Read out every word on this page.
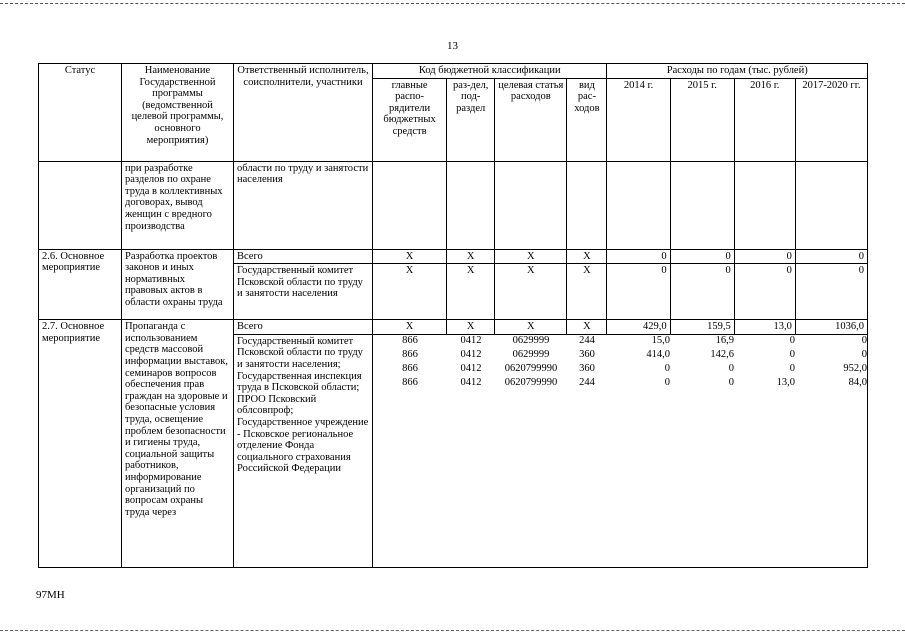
13
Статус	Наименование Государственной программы (ведомственной целевой программы, основного мероприятия)	Ответственный исполнитель, соисполнители, участники	Код бюджетной классификации	Расходы по годам (тыс. рублей)
главные распо-рядители бюджетных средств	раз-дел, под-раздел	целевая статья расходов	вид рас-ходов	2014 г.	2015 г.	2016 г.	2017-2020 гг.
	при разработке разделов по охране труда в коллективных договорах, вывод женщин с вредного производства	области по труду и занятости населения								
2.6. Основное мероприятие	Разработка проектов законов и иных нормативных правовых актов в области охраны труда	Всего	X	X	X	X	0	0	0	0
Государственный комитет Псковской области по труду и занятости населения	X	X	X	X	0	0	0	0
2.7. Основное мероприятие	Пропаганда с использованием средств массовой информации выставок, семинаров вопросов обеспечения прав граждан на здоровые и безопасные условия труда, освещение проблем безопасности и гигиены труда, социальной защиты работников, информирование организаций по вопросам охраны труда через	Всего	X	X	X	X	429,0	159,5	13,0	1036,0
Государственный комитет Псковской области по труду и занятости населения; Государственная инспекция труда в Псковской области; ПРОО Псковский облсовпроф; Государственное учреждение - Псковское региональное отделение Фонда социального страхования Российской Федерации	
866	0412	0629999	244	15,0	16,9	0	0
866	0412	0629999	360	414,0	142,6	0	0
866	0412	0620799990	360	0	0	0	952,0
866	0412	0620799990	244	0	0	13,0	84,0

97МН
